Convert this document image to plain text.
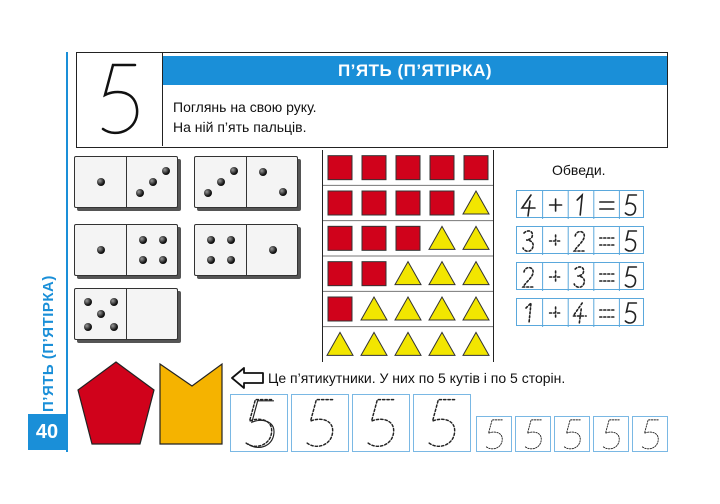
П’ЯТЬ (П’ЯТІРКА)
40
П’ЯТЬ (П’ЯТІРКА)
Поглянь на свою руку.
На ній п’ять пальців.
Обведи.
Це п’ятикутники. У них по 5 кутів і по 5 сторін.
